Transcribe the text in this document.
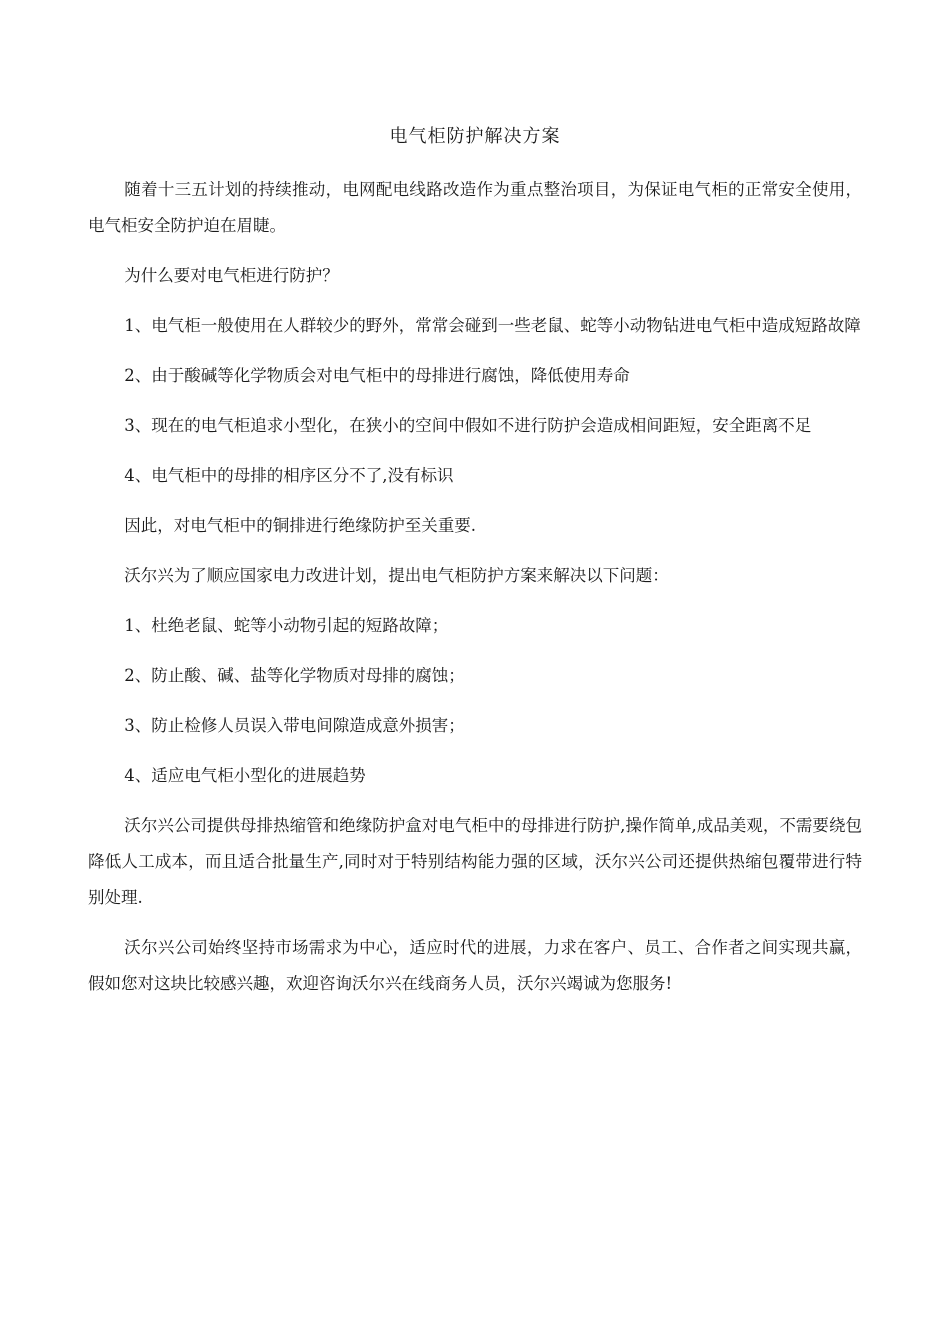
电气柜防护解决方案

随着十三五计划的持续推动，电网配电线路改造作为重点整治项目，为保证电气柜的正常安全使用，电气柜安全防护迫在眉睫。

为什么要对电气柜进行防护？

1、电气柜一般使用在人群较少的野外，常常会碰到一些老鼠、蛇等小动物钻进电气柜中造成短路故障

2、由于酸碱等化学物质会对电气柜中的母排进行腐蚀，降低使用寿命

3、现在的电气柜追求小型化，在狭小的空间中假如不进行防护会造成相间距短，安全距离不足

4、电气柜中的母排的相序区分不了,没有标识

因此，对电气柜中的铜排进行绝缘防护至关重要.

沃尔兴为了顺应国家电力改进计划，提出电气柜防护方案来解决以下问题：

1、杜绝老鼠、蛇等小动物引起的短路故障；

2、防止酸、碱、盐等化学物质对母排的腐蚀；

3、防止检修人员误入带电间隙造成意外损害；

4、适应电气柜小型化的进展趋势

沃尔兴公司提供母排热缩管和绝缘防护盒对电气柜中的母排进行防护,操作简单,成品美观，不需要绕包降低人工成本，而且适合批量生产,同时对于特别结构能力强的区域，沃尔兴公司还提供热缩包覆带进行特别处理.

沃尔兴公司始终坚持市场需求为中心，适应时代的进展，力求在客户、员工、合作者之间实现共赢，假如您对这块比较感兴趣，欢迎咨询沃尔兴在线商务人员，沃尔兴竭诚为您服务!
